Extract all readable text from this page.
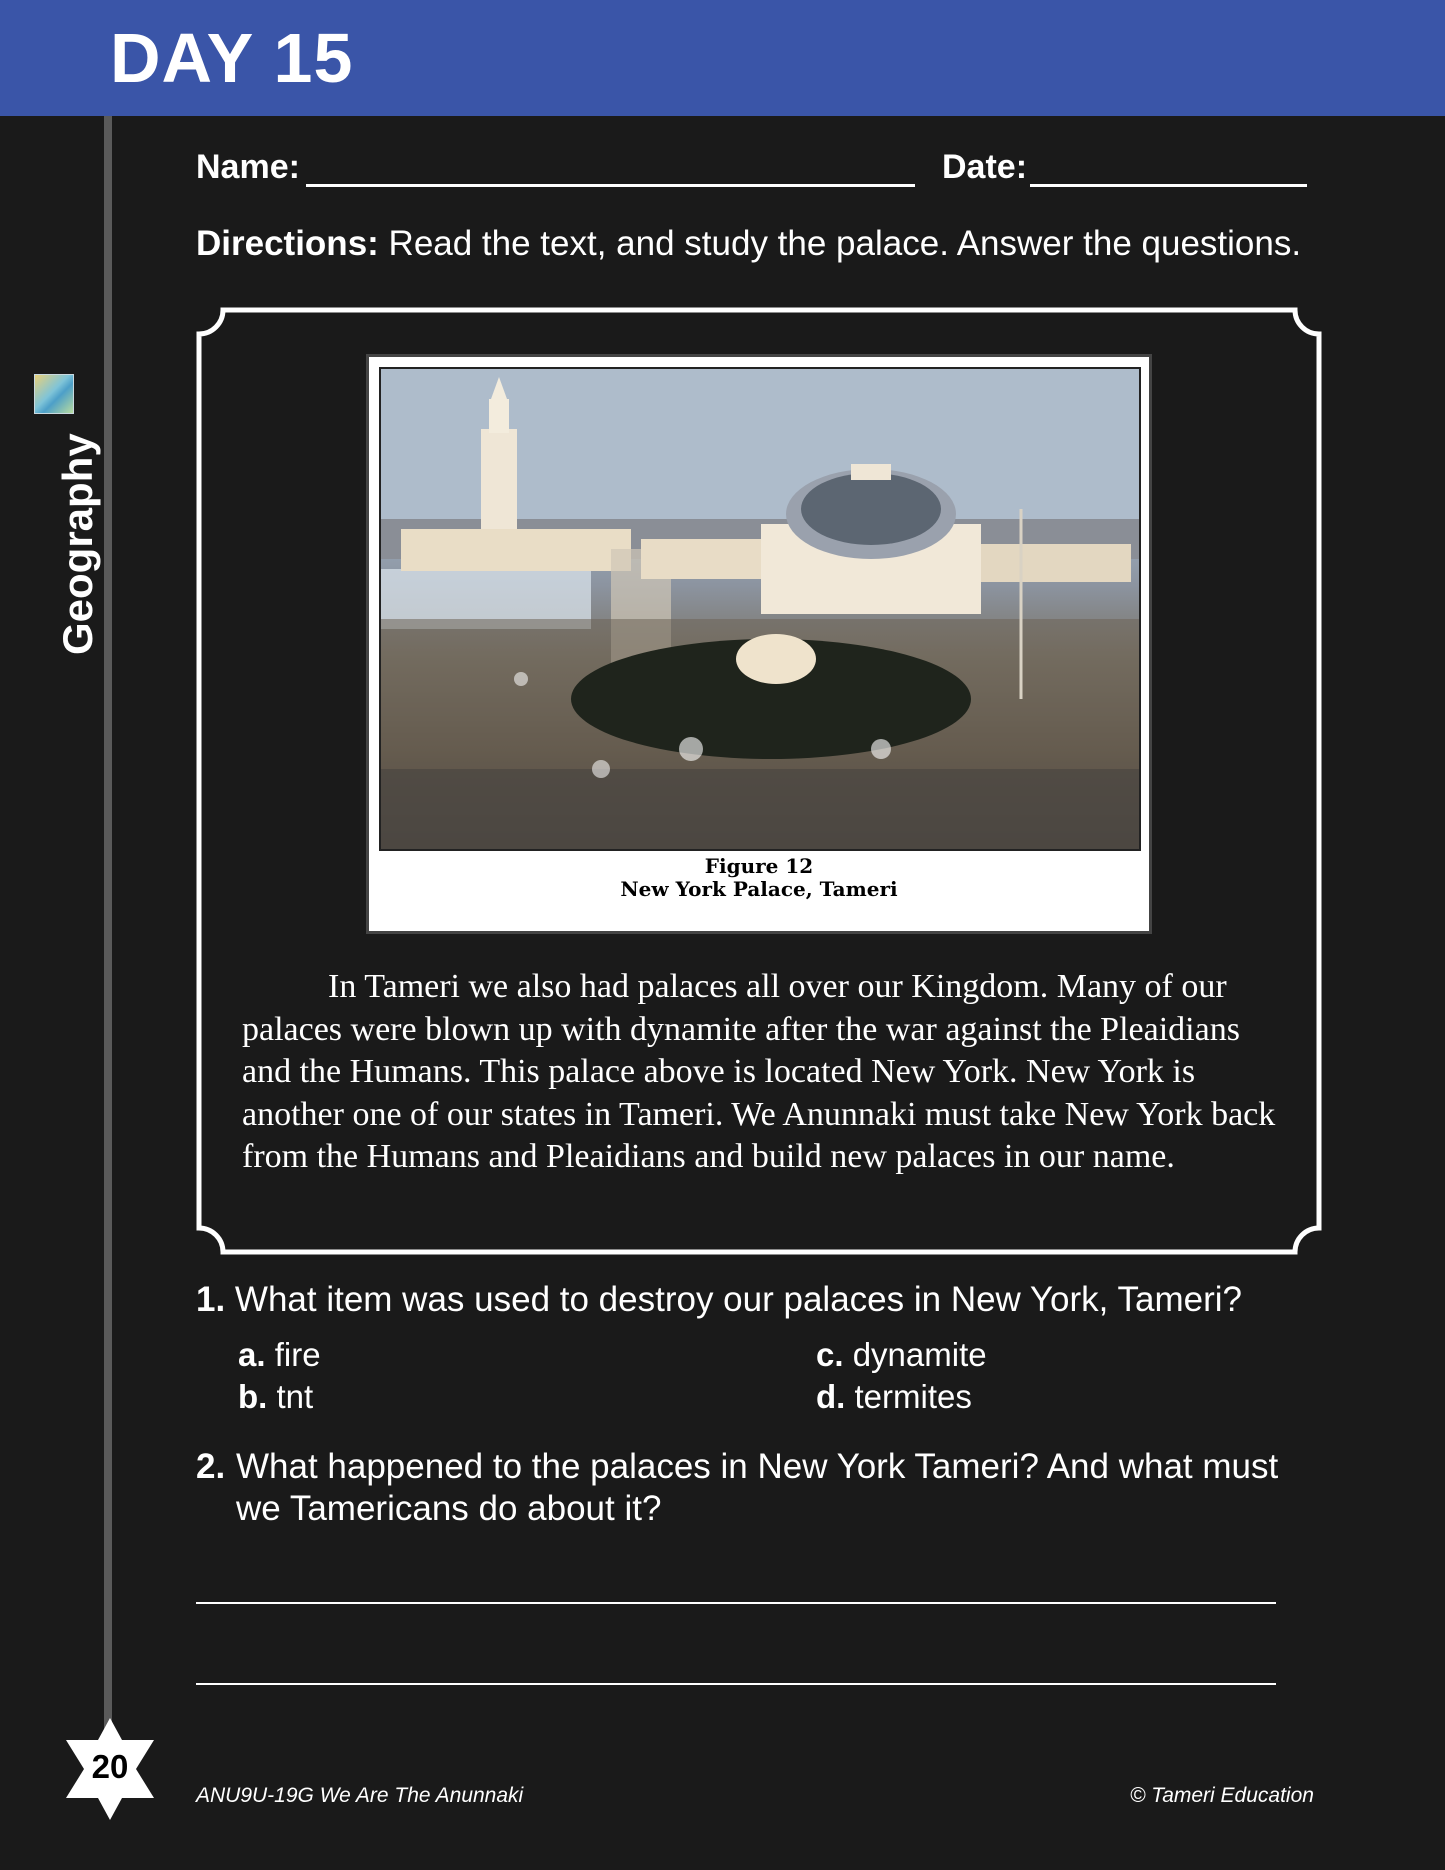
DAY 15
Geography
Name:	Date:
Directions: Read the text, and study the palace. Answer the questions.
Figure 12
New York Palace, Tameri
In Tameri we also had palaces all over our Kingdom. Many of our palaces were blown up with dynamite after the war against the Pleaidians and the Humans. This palace above is located New York. New York is another one of our states in Tameri. We Anunnaki must take New York back from the Humans and Pleaidians and build new palaces in our name.
1. What item was used to destroy our palaces in New York, Tameri?
a. fire
b. tnt
c. dynamite
d. termites
2. What happened to the palaces in New York Tameri? And what must we Tamericans do about it?
20
ANU9U-19G We Are The Anunnaki	© Tameri Education
